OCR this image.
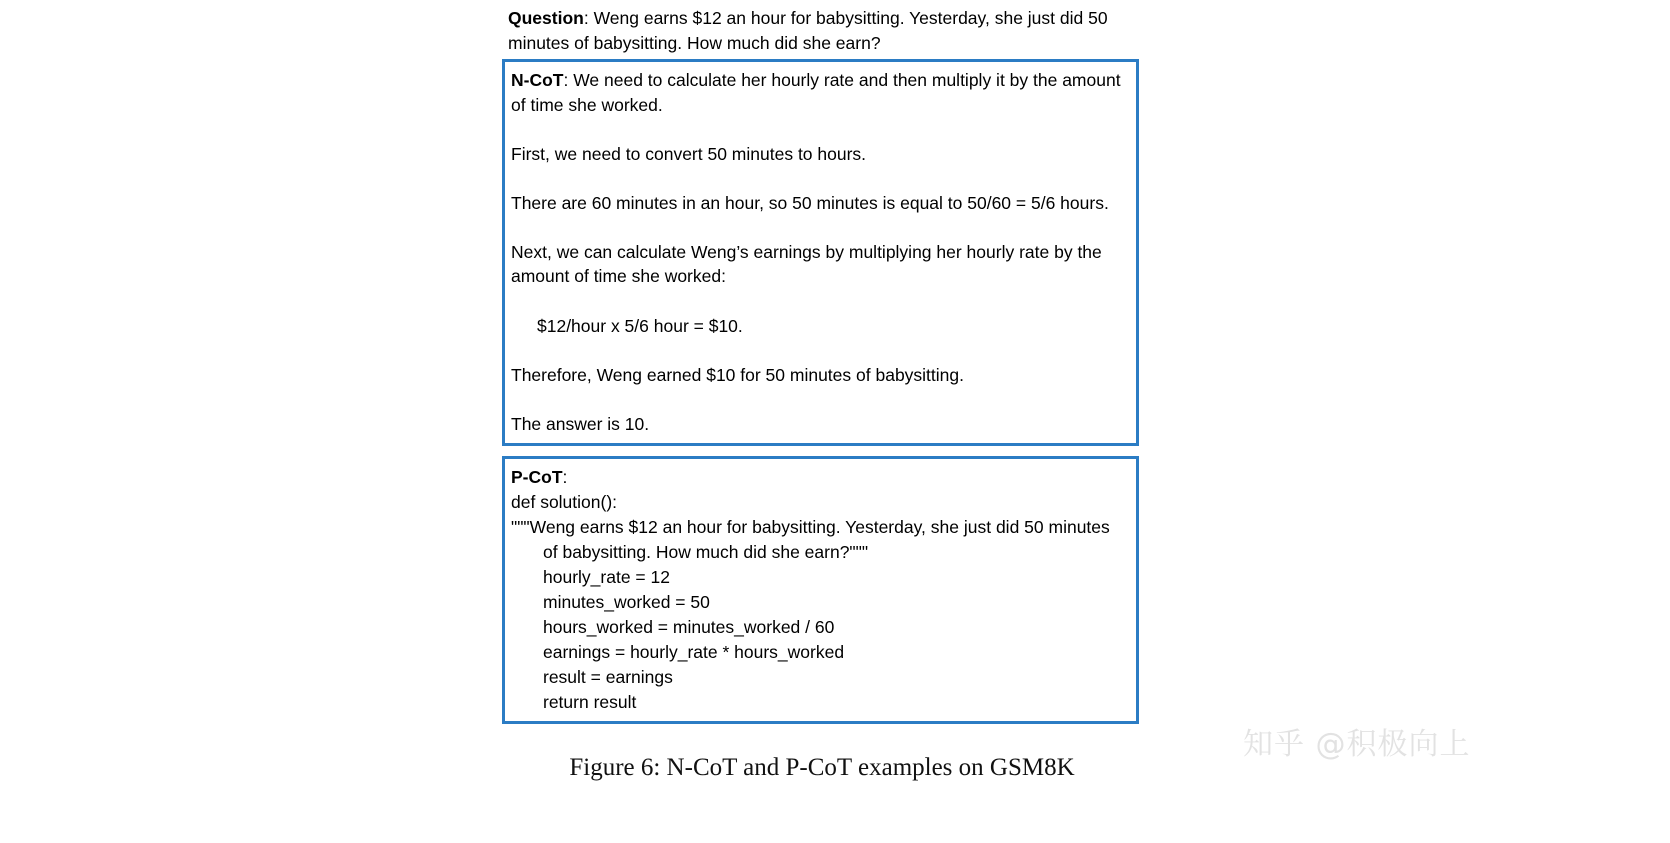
Question: Weng earns $12 an hour for babysitting. Yesterday, she just did 50 minutes of babysitting. How much did she earn?

N-CoT: We need to calculate her hourly rate and then multiply it by the amount of time she worked.

First, we need to convert 50 minutes to hours.

There are 60 minutes in an hour, so 50 minutes is equal to 50/60 = 5/6 hours.

Next, we can calculate Weng’s earnings by multiplying her hourly rate by the amount of time she worked:

$12/hour x 5/6 hour = $10.

Therefore, Weng earned $10 for 50 minutes of babysitting.

The answer is 10.

P-CoT:

def solution():

"""Weng earns $12 an hour for babysitting. Yesterday, she just did 50 minutes of babysitting. How much did she earn?"""

hourly_rate = 12

minutes_worked = 50

hours_worked = minutes_worked / 60

earnings = hourly_rate * hours_worked

result = earnings

return result

Figure 6: N-CoT and P-CoT examples on GSM8K
知乎 @积极向上
